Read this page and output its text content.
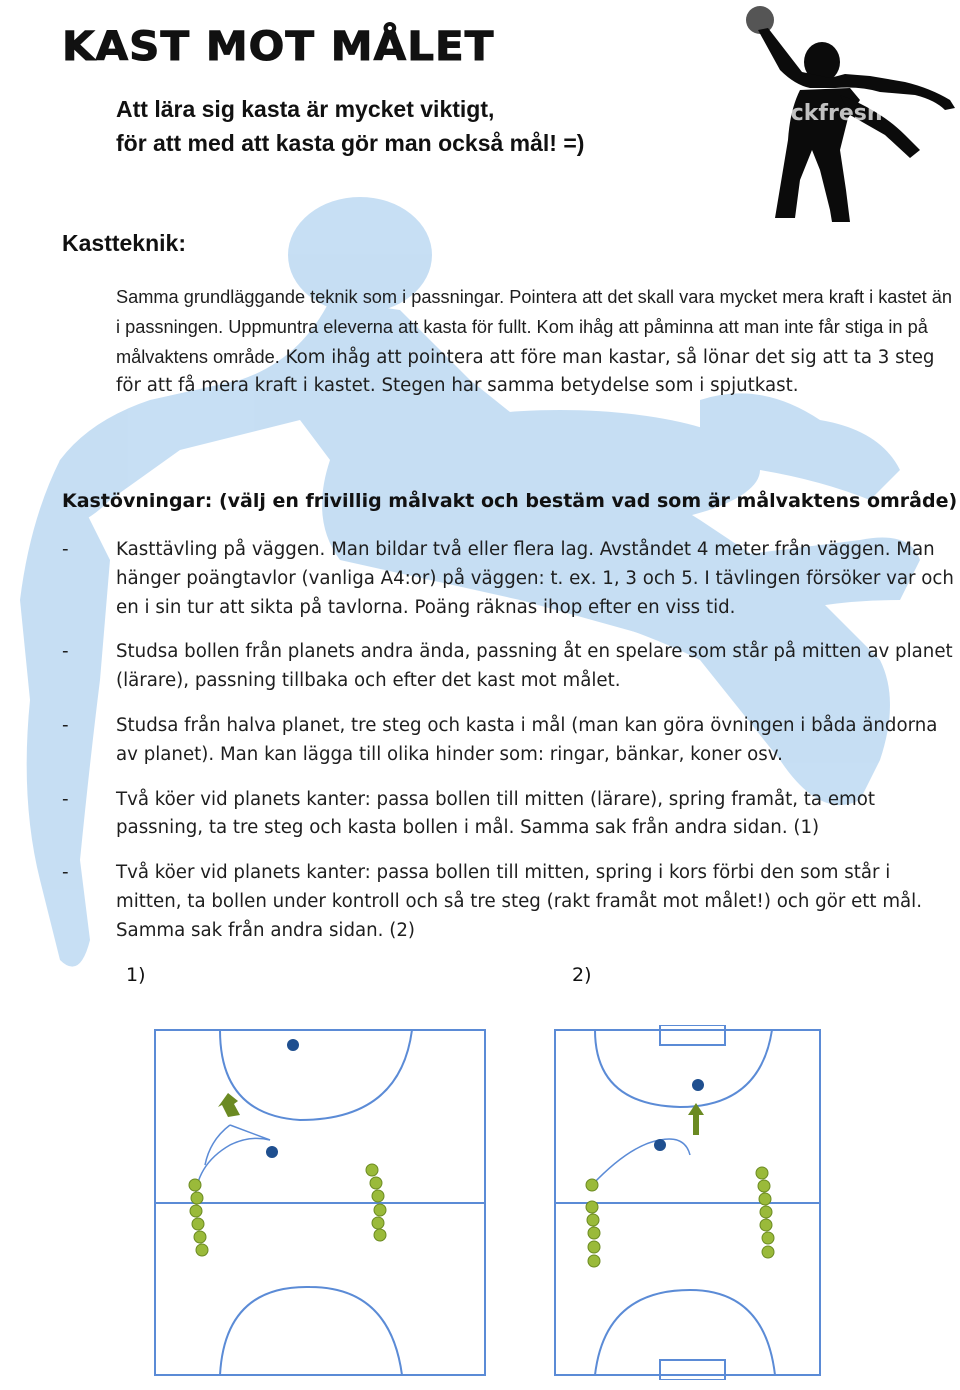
KAST MOT MÅLET
stockfresh
Att lära sig kasta är mycket viktigt,
för att med att kasta gör man också mål! =)
Kastteknik:
Samma grundläggande teknik som i passningar. Pointera att det skall vara mycket mera kraft i kastet än i passningen. Uppmuntra eleverna att kasta för fullt. Kom ihåg att påminna att man inte får stiga in på målvaktens område. Kom ihåg att pointera att före man kastar, så lönar det sig att ta 3 steg för att få mera kraft i kastet. Stegen har samma betydelse som i spjutkast.
Kastövningar: (välj en frivillig målvakt och bestäm vad som är målvaktens område)
-	Kasttävling på väggen. Man bildar två eller flera lag. Avståndet 4 meter från väggen. Man hänger poängtavlor (vanliga A4:or) på väggen: t. ex. 1, 3 och 5. I tävlingen försöker var och en i sin tur att sikta på tavlorna. Poäng räknas ihop efter en viss tid.
-	Studsa bollen från planets andra ända, passning åt en spelare som står på mitten av planet (lärare), passning tillbaka och efter det kast mot målet.
-	Studsa från halva planet, tre steg och kasta i mål (man kan göra övningen i båda ändorna av planet). Man kan lägga till olika hinder som: ringar, bänkar, koner osv.
-	Två köer vid planets kanter: passa bollen till mitten (lärare), spring framåt, ta emot passning, ta tre steg och kasta bollen i mål. Samma sak från andra sidan. (1)
-	Två köer vid planets kanter: passa bollen till mitten, spring i kors förbi den som står i mitten, ta bollen under kontroll och så tre steg (rakt framåt mot målet!) och gör ett mål. Samma sak från andra sidan. (2)
1)	2)
